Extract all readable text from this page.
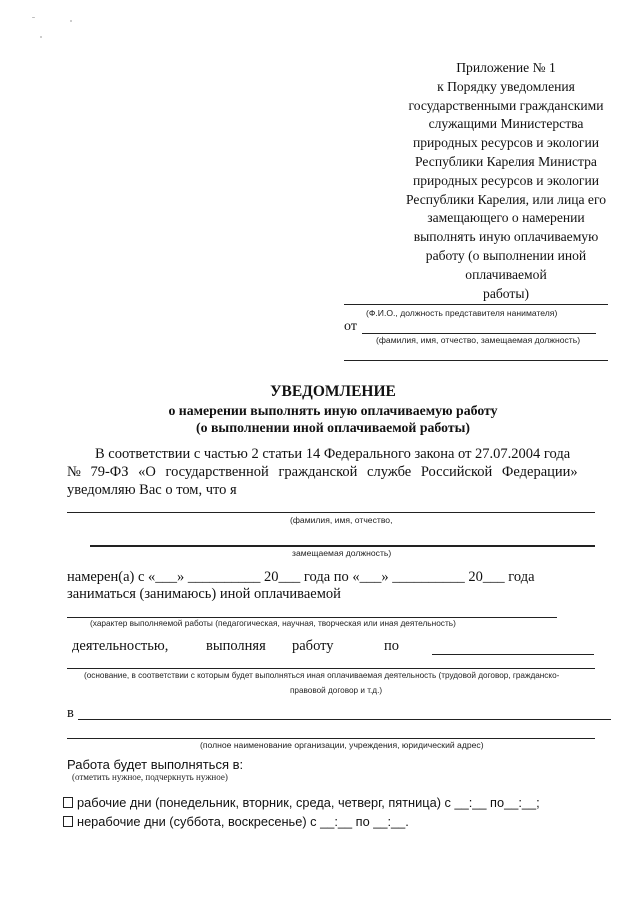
Приложение № 1
к Порядку уведомления
государственными гражданскими
служащими Министерства
природных ресурсов и экологии
Республики Карелия Министра
природных ресурсов и экологии
Республики Карелия, или лица его
замещающего о намерении
выполнять иную оплачиваемую
работу (о выполнении иной
оплачиваемой
работы)
(Ф.И.О., должность представителя нанимателя)
от
(фамилия, имя, отчество, замещаемая должность)
УВЕДОМЛЕНИЕ
о намерении выполнять иную оплачиваемую работу
(о выполнении иной оплачиваемой работы)
В соответствии с частью 2 статьи 14 Федерального закона от 27.07.2004 года
№ 79-ФЗ «О государственной гражданской службе Российской Федерации»
уведомляю Вас о том, что я
(фамилия, имя, отчество,
замещаемая должность)
намерен(а) с «___» __________ 20___ года по «___» __________ 20___ года
заниматься (занимаюсь) иной оплачиваемой
(характер выполняемой работы (педагогическая, научная, творческая или иная деятельность)
деятельностью,	выполняя работу	по
(основание, в соответствии с которым будет выполняться иная оплачиваемая деятельность (трудовой договор, гражданско-
правовой договор и т.д.)
в
(полное наименование организации, учреждения, юридический адрес)
Работа будет выполняться в:
(отметить нужное, подчеркнуть нужное)
рабочие дни (понедельник, вторник, среда, четверг, пятница) с __:__ по__:__;
нерабочие дни (суббота, воскресенье) с __:__ по __:__.
